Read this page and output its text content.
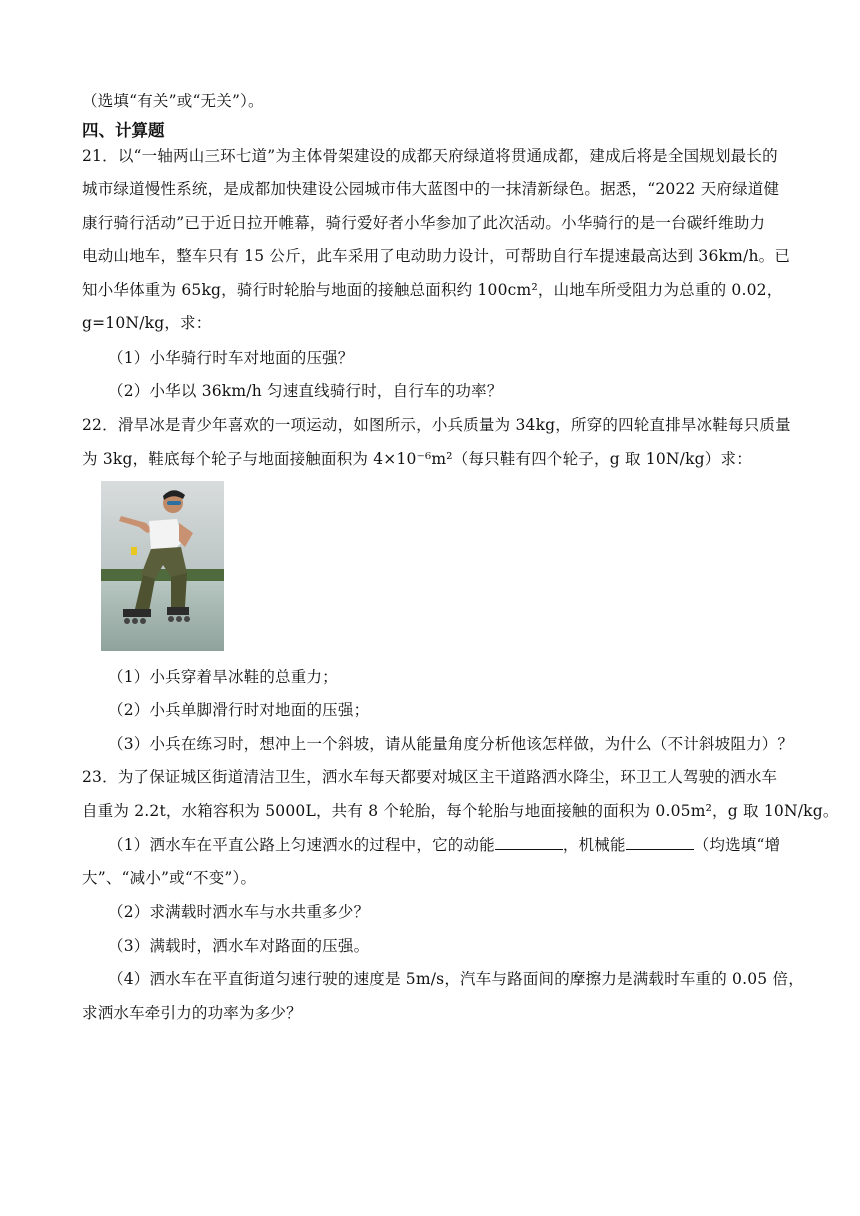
（选填“有关”或“无关”）。
四、计算题
21．以“一轴两山三环七道”为主体骨架建设的成都天府绿道将贯通成都，建成后将是全国规划最长的
城市绿道慢性系统，是成都加快建设公园城市伟大蓝图中的一抹清新绿色。据悉，“2022 天府绿道健
康行骑行活动”已于近日拉开帷幕，骑行爱好者小华参加了此次活动。小华骑行的是一台碳纤维助力
电动山地车，整车只有 15 公斤，此车采用了电动助力设计，可帮助自行车提速最高达到 36km/h。已
知小华体重为 65kg，骑行时轮胎与地面的接触总面积约 100cm²，山地车所受阻力为总重的 0.02，
g=10N/kg，求：
（1）小华骑行时车对地面的压强？
（2）小华以 36km/h 匀速直线骑行时，自行车的功率？
22．滑旱冰是青少年喜欢的一项运动，如图所示，小兵质量为 34kg，所穿的四轮直排旱冰鞋每只质量
为 3kg，鞋底每个轮子与地面接触面积为 4×10⁻⁶m²（每只鞋有四个轮子，g 取 10N/kg）求：
（1）小兵穿着旱冰鞋的总重力；
（2）小兵单脚滑行时对地面的压强；
（3）小兵在练习时，想冲上一个斜坡，请从能量角度分析他该怎样做，为什么（不计斜坡阻力）？
23．为了保证城区街道清洁卫生，洒水车每天都要对城区主干道路洒水降尘，环卫工人驾驶的洒水车
自重为 2.2t，水箱容积为 5000L，共有 8 个轮胎，每个轮胎与地面接触的面积为 0.05m²，g 取 10N/kg。
（1）洒水车在平直公路上匀速洒水的过程中，它的动能	，机械能	（均选填“增
大”、“减小”或“不变”）。
（2）求满载时洒水车与水共重多少？
（3）满载时，洒水车对路面的压强。
（4）洒水车在平直街道匀速行驶的速度是 5m/s，汽车与路面间的摩擦力是满载时车重的 0.05 倍，
求洒水车牵引力的功率为多少？
